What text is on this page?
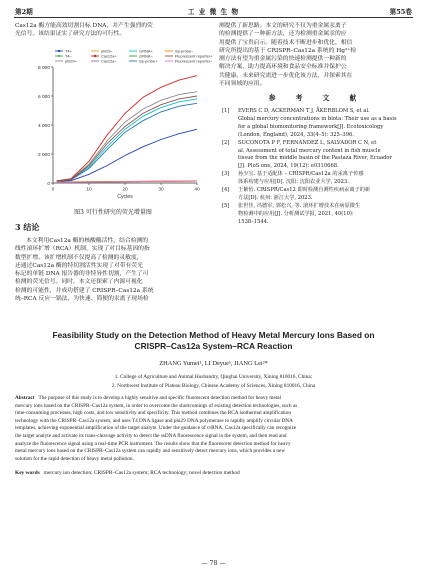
第2期	工 业 微 生 物	第55卷

Cas12a 酶方能高效切割目标 DNA，并产生强烈的荧

光信号。该结果证实了研究方法的可行性。

0
2 000
4 000
6 000
8 000
0	10	20	30	40
Cycles
T4+
T4−
phi29+
phi29−
Cas12a+
Cas12a−
crRNA+
crRNA−
Sp-probe+
Sp-probe−
Fluorescent reporter+
Fluorescent reporter−
图3 可行性研究的荧光增量图
3 结论

本文利用Cas12a 酶的核酸酶活性，结合检测的

线性滚环扩增（RCA）机制，实现了对目标基因的指

数型扩增。该扩增机制不仅提高了检测的灵敏度，

还通过Cas12a 酶的特切割活性实现了对带有荧光

标记的单链 DNA 报告器的非特异性切割，产生了可

检测的荧光信号。同时，本文还探索了内源可视化

检测的可能性，并成功搭建了 CRISPR–Cas12a 系统

统–RCA 反应一锅法，为快速、简便的汞离子现场检

测提供了新思路。本文的研究不仅为重金属汞离子

的检测提供了一种新方法，还为检测重金属汞的应

用提供了宝贵启示。随着技术不断进步和优化，相信

研究所提出的基于 CRISPR–Cas12a 系统的 Hg²⁺检

测方法有望为重金属污染的快速检测提供一种新的

解决方案，助力提高环境和食品安全标准并保护公

共健康。未来研究需进一步优化该方法，并探索其在

不同领域的应用。

参 考 文 献
[1]	EVERS C D, ACKERMAN T J, ÅKERBLOM S, et al.
Global mercury concentrations in biota: Their use as a basis
for a global biomonitoring framework[J]. Ecotoxicology
(London, England), 2024, 33(4–5): 325–396.
[2]	SUCONOTA P F, FERNÁNDEZ L, SALVADOR C N, et
al. Assessment of total mercury content in fish muscle
tissue from the middle basin of the Pastaza River, Ecuador
[J]. PloS one, 2024, 19(12): e0310668.
[3]	孙少宝. 基于适配体 – CRISPR/Cas12a 的汞离子传感
体系构建与应用[D]. 沈阳: 沈阳农业大学, 2023.
[4]	王紫怡. CRISPR/Cas12 即时检测自测性疾病汞离子的新
方法[D]. 杭州: 浙江大学, 2023.
[5]	张世佳, 冯德军, 郭松兴, 等. 滚环扩增技术在病原微生
物检测中的应用[J]. 分析测试学报, 2021, 40(10):
1538–1544.
Feasibility Study on the Detection Method of Heavy Metal Mercury Ions Based on
CRISPR–Cas12a System–RCA Reaction
ZHANG Yumei¹, LI Deyue¹, JIANG Lei²*
1. College of Agriculture and Animal Husbandry, Qinghai University, Xining 810016, China;
2. Northwest Institute of Plateau Biology, Chinese Academy of Sciences, Xining 810016, China
Abstract The purpose of this study is to develop a highly sensitive and specific fluorescent detection method for heavy metal
mercury ions based on the CRISPR–Cas12a system, in order to overcome the shortcomings of existing detection technologies, such as
time-consuming processes, high costs, and low sensitivity and specificity. This method combines the RCA isothermal amplification
technology with the CRISPR–Cas12a system, and uses T4 DNA ligase and phi29 DNA polymerase to rapidly amplify circular DNA
templates, achieving exponential amplification of the target analyte. Under the guidance of crRNA, Cas12a specifically can recognize
the target analyte and activate its trans-cleavage activity to detect the ssDNA fluorescence signal in the system, and then read and
analyze the fluorescence signal using a real-time PCR instrument. The results show that the fluorescent detection method for heavy
metal mercury ions based on the CRISPR–Cas12a system can rapidly and sensitively detect mercury ions, which provides a new
solution for the rapid detection of heavy metal pollution.
Key words mercury ion detection; CRISPR–Cas12a system; RCA technology; novel detection method
— 78 —
